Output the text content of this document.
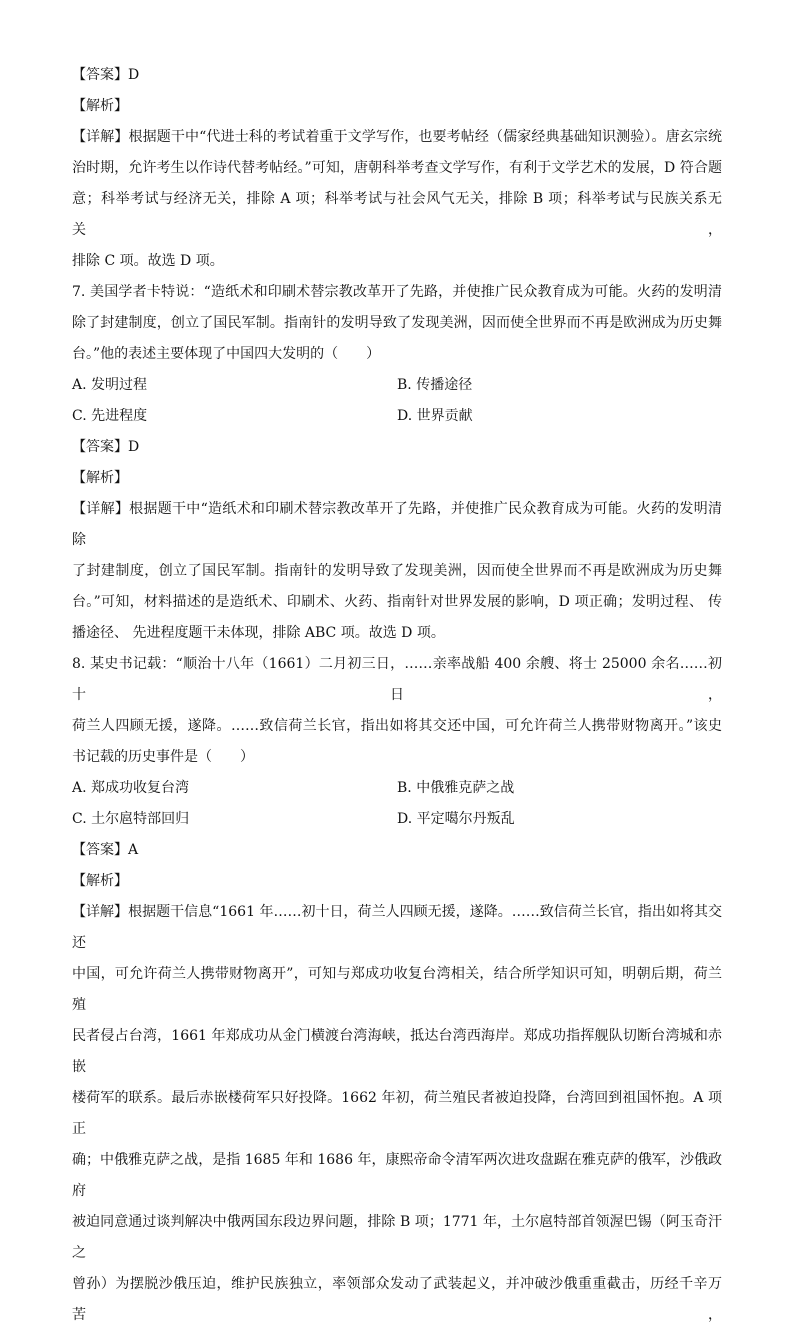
【答案】D
【解析】
【详解】根据题干中“代进士科的考试着重于文学写作，也要考帖经（儒家经典基础知识测验）。唐玄宗统
治时期，允许考生以作诗代替考帖经。”可知，唐朝科举考查文学写作，有利于文学艺术的发展，D 符合题
意；科举考试与经济无关，排除 A 项；科举考试与社会风气无关，排除 B 项；科举考试与民族关系无关，
排除 C 项。故选 D 项。
7. 美国学者卡特说：“造纸术和印刷术替宗教改革开了先路，并使推广民众教育成为可能。火药的发明清
除了封建制度，创立了国民军制。指南针的发明导致了发现美洲，因而使全世界而不再是欧洲成为历史舞
台。”他的表述主要体现了中国四大发明的（　　）
A. 发明过程	B. 传播途径
C. 先进程度	D. 世界贡献
【答案】D
【解析】
【详解】根据题干中“造纸术和印刷术替宗教改革开了先路，并使推广民众教育成为可能。火药的发明清除
了封建制度，创立了国民军制。指南针的发明导致了发现美洲，因而使全世界而不再是欧洲成为历史舞
台。”可知，材料描述的是造纸术、印刷术、火药、指南针对世界发展的影响，D 项正确；发明过程、 传
播途径、 先进程度题干未体现，排除 ABC 项。故选 D 项。
8. 某史书记载：“顺治十八年（1661）二月初三日，……亲率战船 400 余艘、将士 25000 余名……初十日，
荷兰人四顾无援，遂降。……致信荷兰长官，指出如将其交还中国，可允许荷兰人携带财物离开。”该史
书记载的历史事件是（　　）
A. 郑成功收复台湾	B. 中俄雅克萨之战
C. 土尔扈特部回归	D. 平定噶尔丹叛乱
【答案】A
【解析】
【详解】根据题干信息“1661 年……初十日，荷兰人四顾无援，遂降。……致信荷兰长官，指出如将其交还
中国，可允许荷兰人携带财物离开”，可知与郑成功收复台湾相关，结合所学知识可知，明朝后期，荷兰殖
民者侵占台湾，1661 年郑成功从金门横渡台湾海峡，抵达台湾西海岸。郑成功指挥舰队切断台湾城和赤嵌
楼荷军的联系。最后赤嵌楼荷军只好投降。1662 年初，荷兰殖民者被迫投降，台湾回到祖国怀抱。A 项正
确；中俄雅克萨之战，是指 1685 年和 1686 年，康熙帝命令清军两次进攻盘踞在雅克萨的俄军，沙俄政府
被迫同意通过谈判解决中俄两国东段边界问题，排除 B 项；1771 年，土尔扈特部首领渥巴锡（阿玉奇汗之
曾孙）为摆脱沙俄压迫，维护民族独立，率领部众发动了武装起义，并冲破沙俄重重截击，历经千辛万苦，
